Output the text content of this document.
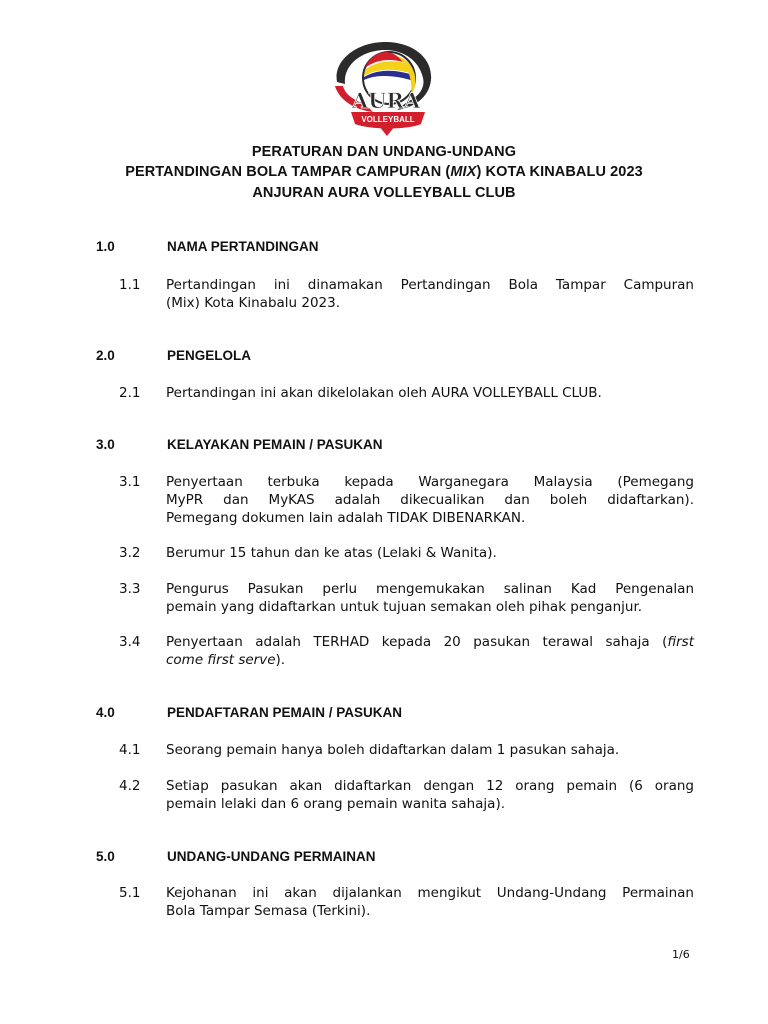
AURA
VOLLEYBALL
PERATURAN DAN UNDANG-UNDANG
PERTANDINGAN BOLA TAMPAR CAMPURAN (MIX) KOTA KINABALU 2023
ANJURAN AURA VOLLEYBALL CLUB
1.0	NAMA PERTANDINGAN
1.1 Pertandingan ini dinamakan Pertandingan Bola Tampar Campuran
(Mix) Kota Kinabalu 2023.
2.0	PENGELOLA
2.1 Pertandingan ini akan dikelolakan oleh AURA VOLLEYBALL CLUB.
3.0	KELAYAKAN PEMAIN / PASUKAN
3.1 Penyertaan terbuka kepada Warganegara Malaysia (Pemegang
MyPR dan MyKAS adalah dikecualikan dan boleh didaftarkan).
Pemegang dokumen lain adalah TIDAK DIBENARKAN.
3.2 Berumur 15 tahun dan ke atas (Lelaki & Wanita).
3.3 Pengurus Pasukan perlu mengemukakan salinan Kad Pengenalan
pemain yang didaftarkan untuk tujuan semakan oleh pihak penganjur.
3.4 Penyertaan adalah TERHAD kepada 20 pasukan terawal sahaja (first
come first serve).
4.0	PENDAFTARAN PEMAIN / PASUKAN
4.1 Seorang pemain hanya boleh didaftarkan dalam 1 pasukan sahaja.
4.2 Setiap pasukan akan didaftarkan dengan 12 orang pemain (6 orang
pemain lelaki dan 6 orang pemain wanita sahaja).
5.0	UNDANG-UNDANG PERMAINAN
5.1 Kejohanan ini akan dijalankan mengikut Undang-Undang Permainan
Bola Tampar Semasa (Terkini).
1/6
